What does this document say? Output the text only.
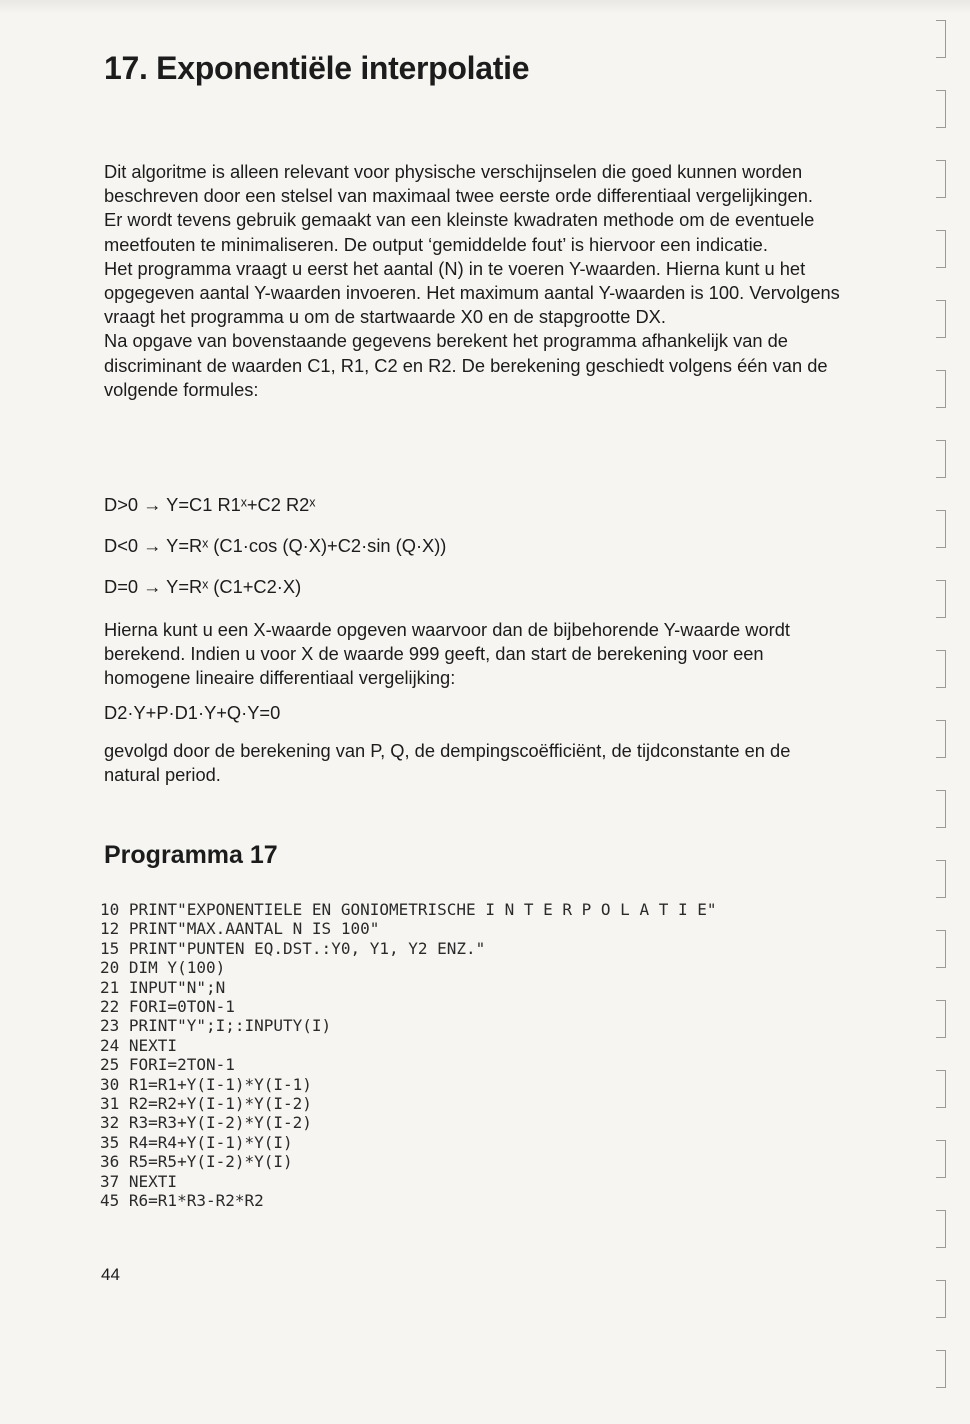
17. Exponentiële interpolatie

Dit algoritme is alleen relevant voor physische verschijnselen die goed kunnen worden beschreven door een stelsel van maximaal twee eerste orde differentiaal vergelijkingen.

Er wordt tevens gebruik gemaakt van een kleinste kwadraten methode om de eventuele meetfouten te minimaliseren. De output ‘gemiddelde fout’ is hiervoor een indicatie.

Het programma vraagt u eerst het aantal (N) in te voeren Y-waarden. Hierna kunt u het opgegeven aantal Y-waarden invoeren. Het maximum aantal Y-waarden is 100. Vervolgens vraagt het programma u om de startwaarde X0 en de stapgrootte DX.

Na opgave van bovenstaande gegevens berekent het programma afhankelijk van de discriminant de waarden C1, R1, C2 en R2. De berekening geschiedt volgens één van de volgende formules:

D>0 → Y=C1 R1ˣ+C2 R2ˣ
D<0 → Y=Rˣ (C1·cos (Q·X)+C2·sin (Q·X))
D=0 → Y=Rˣ (C1+C2·X)

Hierna kunt u een X-waarde opgeven waarvoor dan de bijbehorende Y-waarde wordt berekend. Indien u voor X de waarde 999 geeft, dan start de berekening voor een homogene lineaire differentiaal vergelijking:

D2·Y+P·D1·Y+Q·Y=0

gevolgd door de berekening van P, Q, de dempingscoëfficiënt, de tijdconstante en de natural period.

Programma 17
10 PRINT"EXPONENTIELE EN GONIOMETRISCHE I N T E R P O L A T I E"
12 PRINT"MAX.AANTAL N IS 100"
15 PRINT"PUNTEN EQ.DST.:Y0, Y1, Y2 ENZ."
20 DIM Y(100)
21 INPUT"N";N
22 FORI=0TON-1
23 PRINT"Y";I;:INPUTY(I)
24 NEXTI
25 FORI=2TON-1
30 R1=R1+Y(I-1)*Y(I-1)
31 R2=R2+Y(I-1)*Y(I-2)
32 R3=R3+Y(I-2)*Y(I-2)
35 R4=R4+Y(I-1)*Y(I)
36 R5=R5+Y(I-2)*Y(I)
37 NEXTI
45 R6=R1*R3-R2*R2
44
